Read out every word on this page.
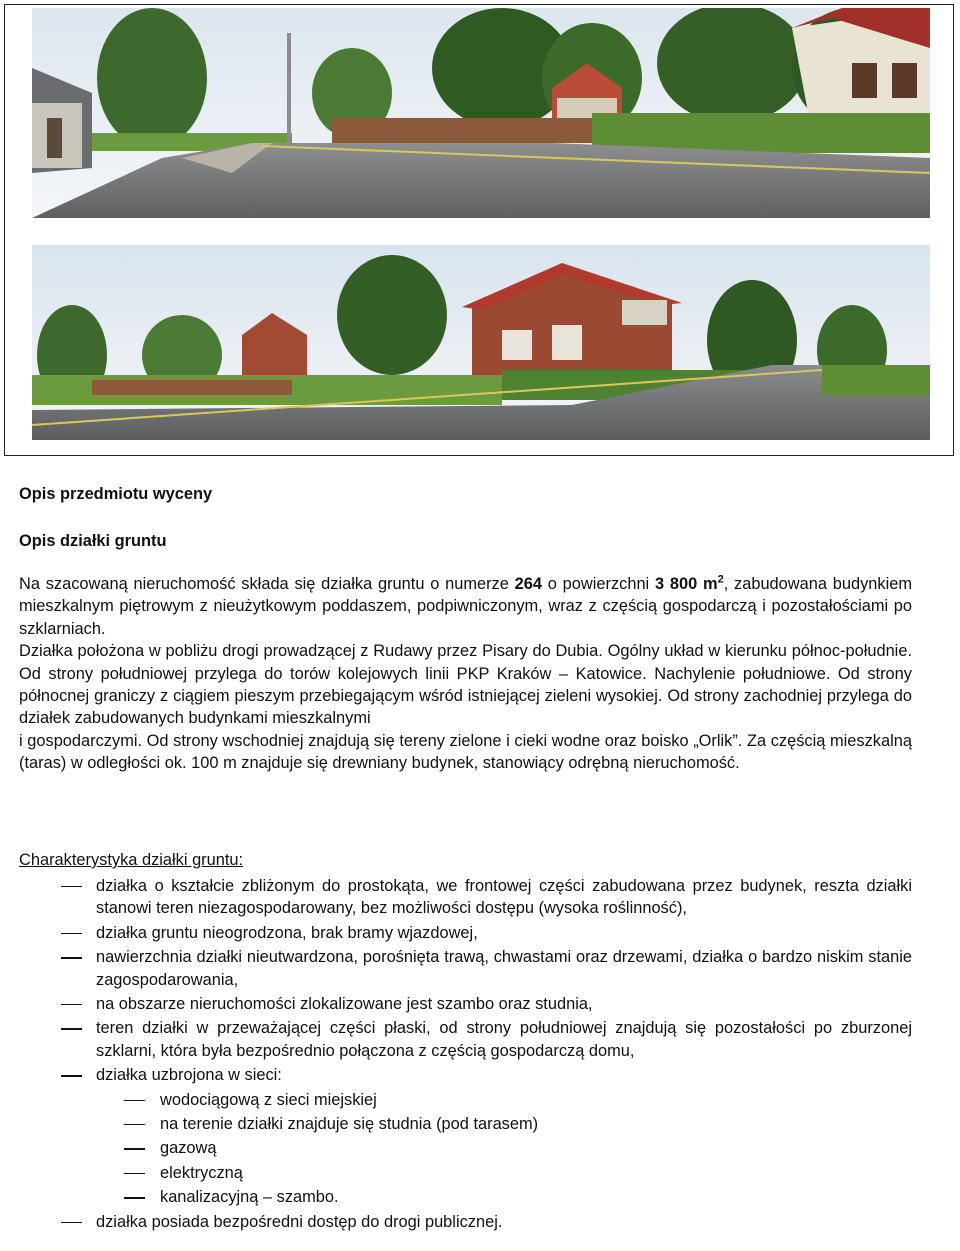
Opis przedmiotu wyceny
Opis działki gruntu

Na szacowaną nieruchomość składa się działka gruntu o numerze 264 o powierzchni 3 800 $m^2$, zabudowana budynkiem mieszkalnym piętrowym z nieużytkowym poddaszem, podpiwniczonym, wraz z częścią gospodarczą i pozostałościami po szklarniach.

Działka położona w pobliżu drogi prowadzącej z Rudawy przez Pisary do Dubia. Ogólny układ w kierunku północ-południe. Od strony południowej przylega do torów kolejowych linii PKP Kraków – Katowice. Nachylenie południowe. Od strony północnej graniczy z ciągiem pieszym przebiegającym wśród istniejącej zieleni wysokiej. Od strony zachodniej przylega do działek zabudowanych budynkami mieszkalnymi

i gospodarczymi. Od strony wschodniej znajdują się tereny zielone i cieki wodne oraz boisko „Orlik”. Za częścią mieszkalną (taras) w odległości ok. 100 m znajduje się drewniany budynek, stanowiący odrębną nieruchomość.

Charakterystyka działki gruntu:
działka o kształcie zbliżonym do prostokąta, we frontowej części zabudowana przez budynek, reszta działki stanowi teren niezagospodarowany, bez możliwości dostępu (wysoka roślinność),
działka gruntu nieogrodzona, brak bramy wjazdowej,
nawierzchnia działki nieutwardzona, porośnięta trawą, chwastami oraz drzewami, działka o bardzo niskim stanie zagospodarowania,
na obszarze nieruchomości zlokalizowane jest szambo oraz studnia,
teren działki w przeważającej części płaski, od strony południowej znajdują się pozostałości po zburzonej szklarni, która była bezpośrednio połączona z częścią gospodarczą domu,
działka uzbrojona w sieci:
wodociągową z sieci miejskiej
na terenie działki znajduje się studnia (pod tarasem)
gazową
elektryczną
kanalizacyjną – szambo.
działka posiada bezpośredni dostęp do drogi publicznej.
